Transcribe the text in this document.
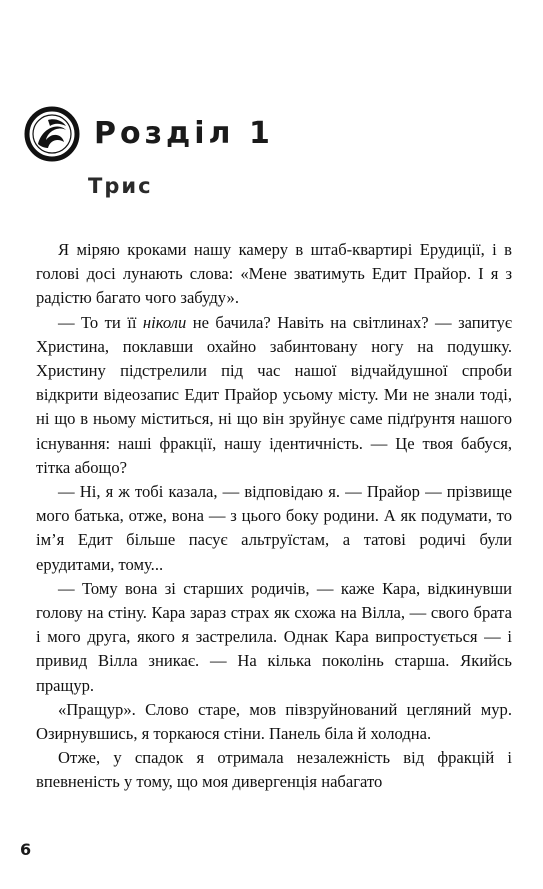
Розділ 1
Трис

Я міряю кроками нашу камеру в штаб-квартирі Ерудиції, і в голові досі лунають слова: «Мене зватимуть Едит Прайор. І я з радістю багато чого забуду».

— То ти її ніколи не бачила? Навіть на світлинах? — запитує Христина, поклавши охайно забинтовану ногу на подушку. Христину підстрелили під час нашої відчайдушної спроби відкрити відеозапис Едит Прайор усьому місту. Ми не знали тоді, ні що в ньому міститься, ні що він зруйнує саме підґрунтя нашого існування: наші фракції, нашу ідентичність. — Це твоя бабуся, тітка абощо?

— Ні, я ж тобі казала, — відповідаю я. — Прайор — прізвище мого батька, отже, вона — з цього боку родини. А як подумати, то ім’я Едит більше пасує альтруїстам, а татові родичі були ерудитами, тому...

— Тому вона зі старших родичів, — каже Кара, відкинувши голову на стіну. Кара зараз страх як схожа на Вілла, — свого брата і мого друга, якого я застрелила. Однак Кара випростується — і привид Вілла зникає. — На кілька поколінь старша. Якийсь пращур.

«Пращур». Слово старе, мов півзруйнований цегляний мур. Озирнувшись, я торкаюся стіни. Панель біла й холодна.

Отже, у спадок я отримала незалежність від фракцій і впевненість у тому, що моя дивергенція набагато

6
